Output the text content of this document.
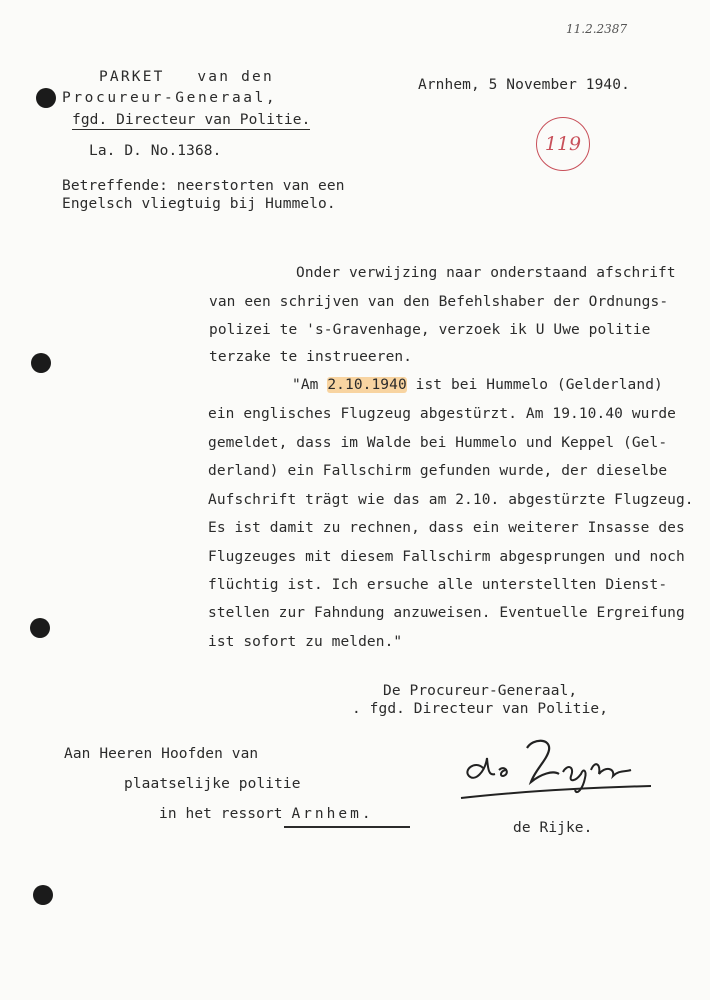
11.2.2387
PARKET   van den
Procureur-Generaal,
fgd. Directeur van Politie.
Arnhem, 5 November 1940.
La. D. No.1368.	119
Betreffende: neerstorten van een
Engelsch vliegtuig bij Hummelo.
Onder verwijzing naar onderstaand afschrift
van een schrijven van den Befehlshaber der Ordnungs-
polizei te 's-Gravenhage, verzoek ik U Uwe politie
terzake te instrueeren.
"Am 2.10.1940 ist bei Hummelo (Gelderland)
ein englisches Flugzeug abgestürzt. Am 19.10.40 wurde
gemeldet, dass im Walde bei Hummelo und Keppel (Gel-
derland) ein Fallschirm gefunden wurde, der dieselbe
Aufschrift trägt wie das am 2.10. abgestürzte Flugzeug.
Es ist damit zu rechnen, dass ein weiterer Insasse des
Flugzeuges mit diesem Fallschirm abgesprungen und noch
flüchtig ist. Ich ersuche alle unterstellten Dienst-
stellen zur Fahndung anzuweisen. Eventuelle Ergreifung
ist sofort zu melden."
De Procureur-Generaal,
. fgd. Directeur van Politie,
Aan Heeren Hoofden van
plaatselijke politie
in het ressort Arnhem.
de Rijke.
